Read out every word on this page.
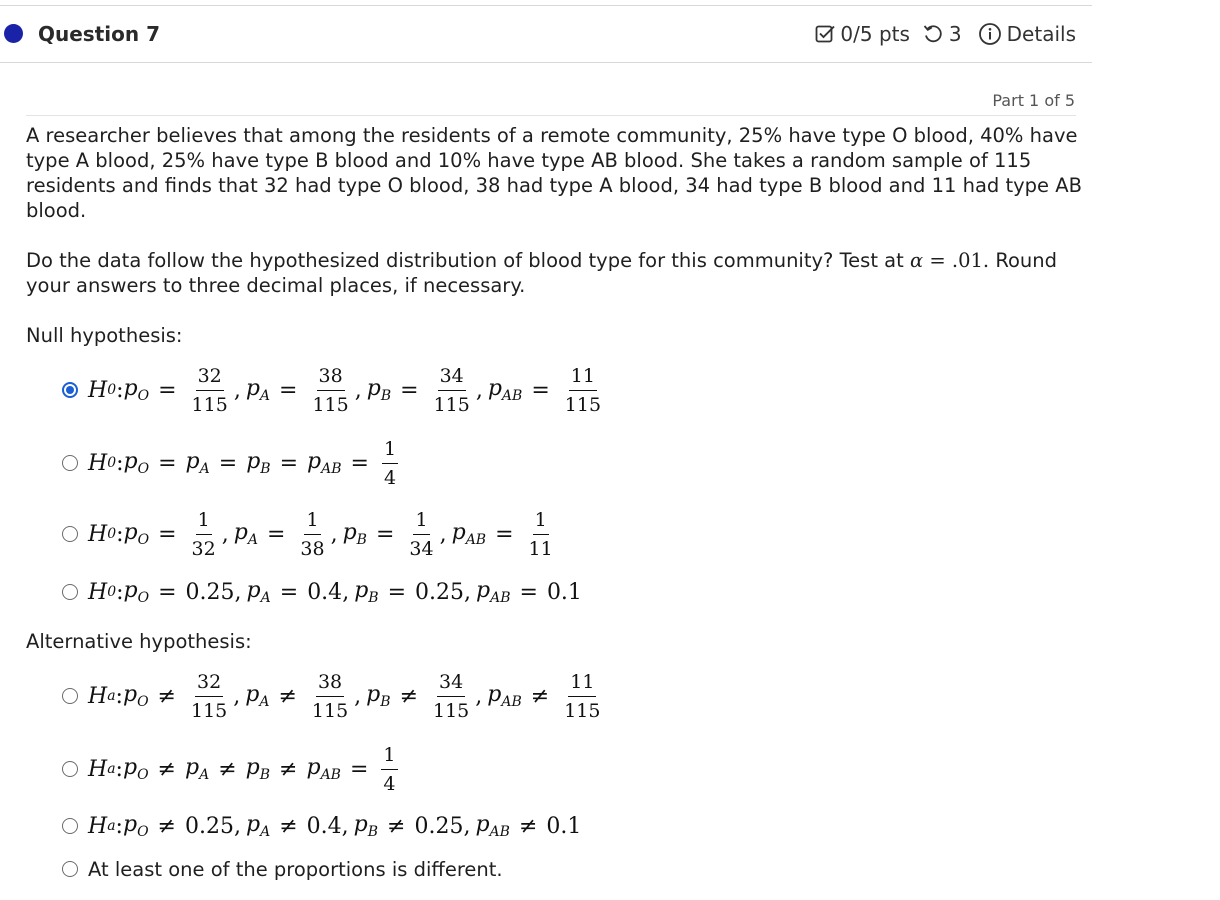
Question 7	0/5 pts 3 Details
Part 1 of 5
A researcher believes that among the residents of a remote community, 25% have type O blood, 40% have type A blood, 25% have type B blood and 10% have type AB blood. She takes a random sample of 115 residents and finds that 32 had type O blood, 38 had type A blood, 34 had type B blood and 11 had type AB blood.
Do the data follow the hypothesized distribution of blood type for this community? Test at α = .01. Round your answers to three decimal places, if necessary.
Null hypothesis:
H 0 : $p_O = \frac{32}{115}$ , $p_A = \frac{38}{115}$ , $p_B = \frac{34}{115}$ , $p_{AB} = \frac{11}{115}$
H 0 : $p_O = p_A = p_B = p_{AB} = \frac{1}{4}$
H 0 : $p_O = \frac{1}{32}$ , $p_A = \frac{1}{38}$ , $p_B = \frac{1}{34}$ , $p_{AB} = \frac{1}{11}$
H 0 : $p_O = 0.25$ , $p_A = 0.4$ , $p_B = 0.25$ , $p_{AB} = 0.1$
Alternative hypothesis:
H a : $p_O \ne \frac{32}{115}$ , $p_A \ne \frac{38}{115}$ , $p_B \ne \frac{34}{115}$ , $p_{AB} \ne \frac{11}{115}$
H a : $p_O \ne p_A \ne p_B \ne p_{AB} = \frac{1}{4}$
H a : $p_O \ne 0.25$ , $p_A \ne 0.4$ , $p_B \ne 0.25$ , $p_{AB} \ne 0.1$
At least one of the proportions is different.
